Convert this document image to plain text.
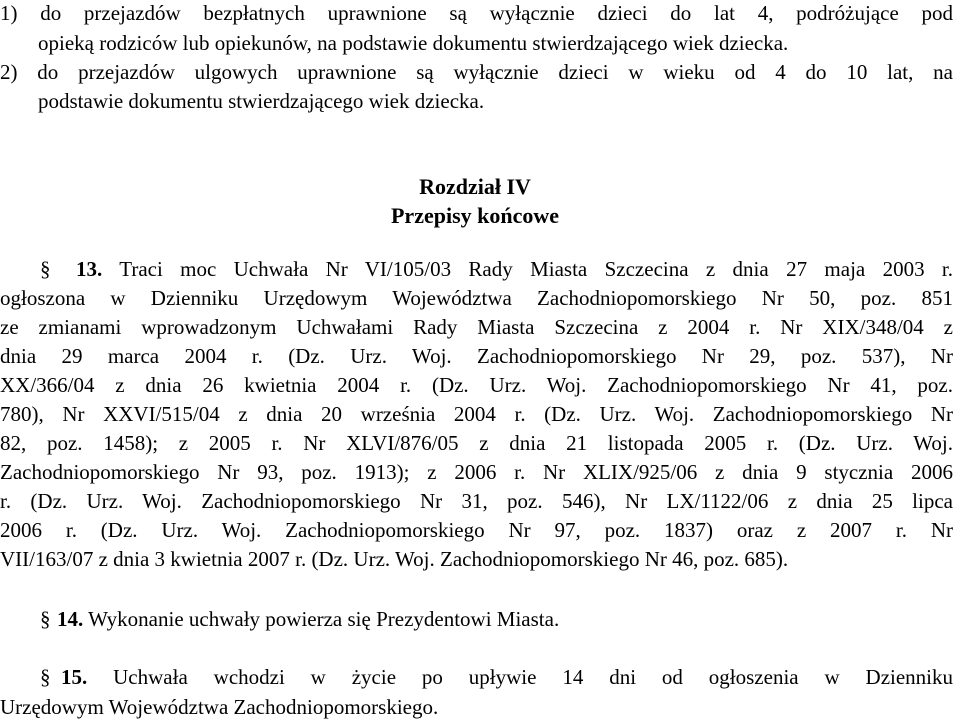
1) do przejazdów bezpłatnych uprawnione są wyłącznie dzieci do lat 4, podróżujące pod
opieką rodziców lub opiekunów, na podstawie dokumentu stwierdzającego wiek dziecka.
2) do przejazdów ulgowych uprawnione są wyłącznie dzieci w wieku od 4 do 10 lat, na
podstawie dokumentu stwierdzającego wiek dziecka.
Rozdział IV
Przepisy końcowe
§ 13. Traci moc Uchwała Nr VI/105/03 Rady Miasta Szczecina z dnia 27 maja 2003 r.
ogłoszona w Dzienniku Urzędowym Województwa Zachodniopomorskiego Nr 50, poz. 851
ze zmianami wprowadzonym Uchwałami Rady Miasta Szczecina z 2004 r. Nr XIX/348/04 z
dnia 29 marca 2004 r. (Dz. Urz. Woj. Zachodniopomorskiego Nr 29, poz. 537), Nr
XX/366/04 z dnia 26 kwietnia 2004 r. (Dz. Urz. Woj. Zachodniopomorskiego Nr 41, poz.
780), Nr XXVI/515/04 z dnia 20 września 2004 r. (Dz. Urz. Woj. Zachodniopomorskiego Nr
82, poz. 1458); z 2005 r. Nr XLVI/876/05 z dnia 21 listopada 2005 r. (Dz. Urz. Woj.
Zachodniopomorskiego Nr 93, poz. 1913); z 2006 r. Nr XLIX/925/06 z dnia 9 stycznia 2006
r. (Dz. Urz. Woj. Zachodniopomorskiego Nr 31, poz. 546), Nr LX/1122/06 z dnia 25 lipca
2006 r. (Dz. Urz. Woj. Zachodniopomorskiego Nr 97, poz. 1837) oraz z 2007 r. Nr
VII/163/07 z dnia 3 kwietnia 2007 r. (Dz. Urz. Woj. Zachodniopomorskiego Nr 46, poz. 685).
§ 14. Wykonanie uchwały powierza się Prezydentowi Miasta.
§ 15. Uchwała wchodzi w życie po upływie 14 dni od ogłoszenia w Dzienniku
Urzędowym Województwa Zachodniopomorskiego.
